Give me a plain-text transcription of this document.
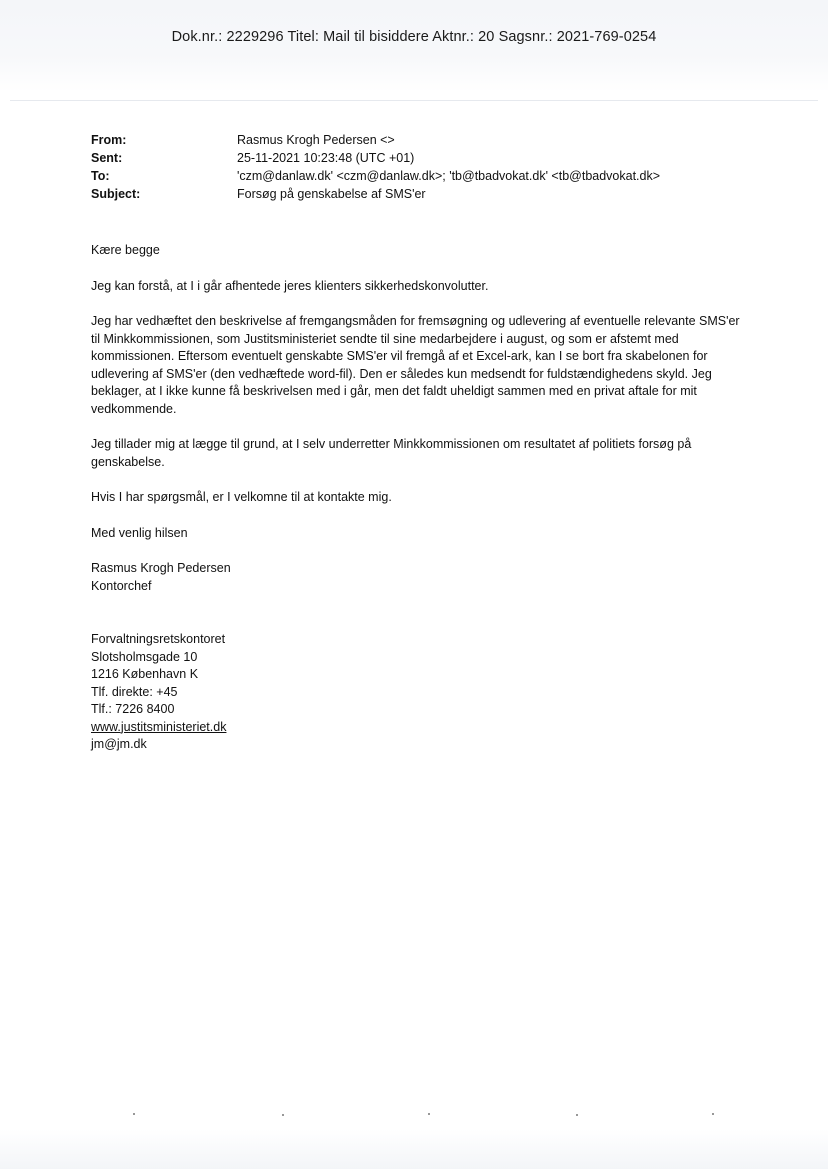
Dok.nr.: 2229296 Titel: Mail til bisiddere Aktnr.: 20 Sagsnr.: 2021-769-0254
From:	Rasmus Krogh Pedersen <>
Sent:	25-11-2021 10:23:48 (UTC +01)
To:	'czm@danlaw.dk' <czm@danlaw.dk>; 'tb@tbadvokat.dk' <tb@tbadvokat.dk>
Subject:	Forsøg på genskabelse af SMS'er

Kære begge

Jeg kan forstå, at I i går afhentede jeres klienters sikkerhedskonvolutter.

Jeg har vedhæftet den beskrivelse af fremgangsmåden for fremsøgning og udlevering af eventuelle relevante SMS'er til Minkkommissionen, som Justitsministeriet sendte til sine medarbejdere i august, og som er afstemt med kommissionen. Eftersom eventuelt genskabte SMS'er vil fremgå af et Excel-ark, kan I se bort fra skabelonen for udlevering af SMS'er (den vedhæftede word-fil). Den er således kun medsendt for fuldstændighedens skyld. Jeg beklager, at I ikke kunne få beskrivelsen med i går, men det faldt uheldigt sammen med en privat aftale for mit vedkommende.

Jeg tillader mig at lægge til grund, at I selv underretter Minkkommissionen om resultatet af politiets forsøg på genskabelse.

Hvis I har spørgsmål, er I velkomne til at kontakte mig.

Med venlig hilsen

Rasmus Krogh Pedersen

Kontorchef

Forvaltningsretskontoret

Slotsholmsgade 10

1216 København K

Tlf. direkte: +45

Tlf.: 7226 8400

www.justitsministeriet.dk

jm@jm.dk
